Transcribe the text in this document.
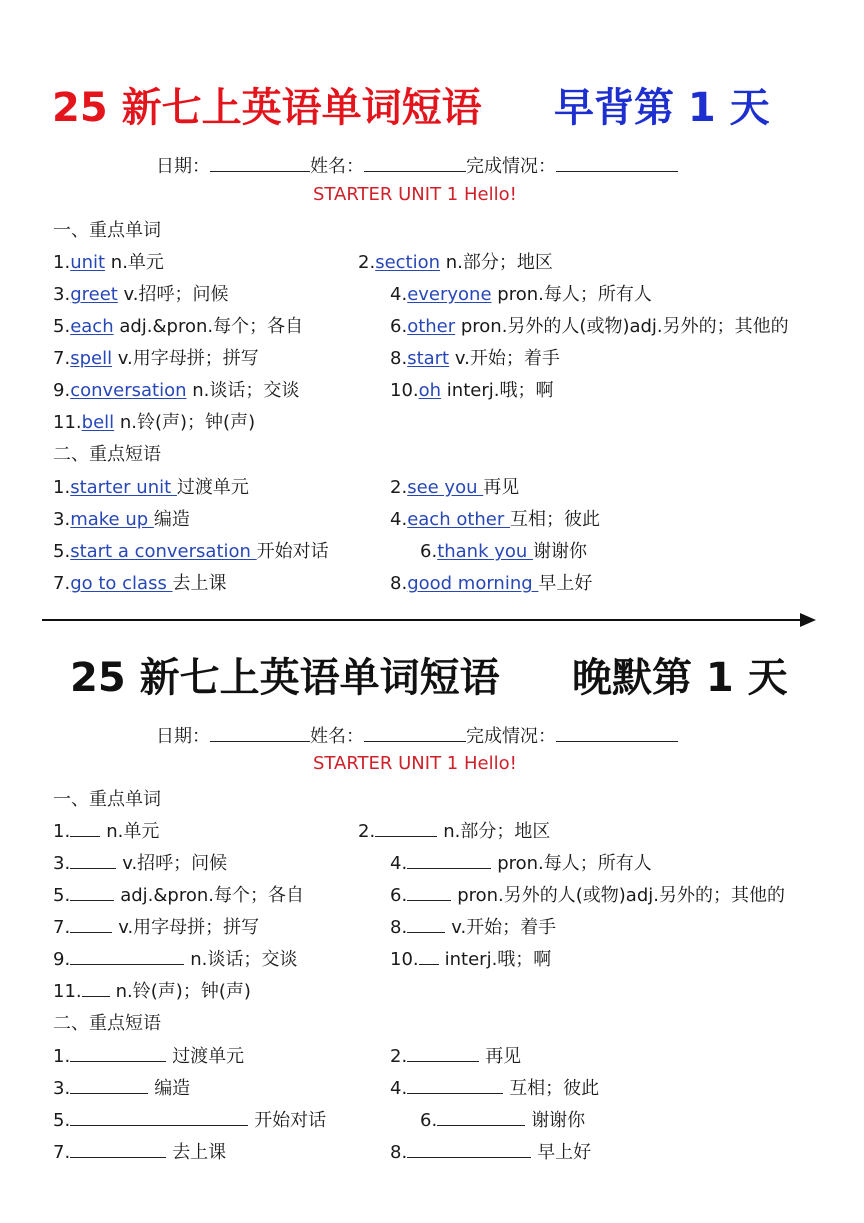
25 新七上英语单词短语 早背第 1 天
日期：	姓名：	完成情况：
STARTER UNIT 1 Hello!
一、重点单词
1.unit n.单元	2.section n.部分；地区
3.greet v.招呼；问候	4.everyone pron.每人；所有人
5.each adj.&pron.每个；各自	6.other pron.另外的人(或物)adj.另外的；其他的
7.spell v.用字母拼；拼写	8.start v.开始；着手
9.conversation n.谈话；交谈	10.oh interj.哦；啊
11.bell n.铃(声)；钟(声)
二、重点短语
1.starter unit 过渡单元	2.see you 再见
3.make up 编造	4.each other 互相；彼此
5.start a conversation 开始对话	6.thank you 谢谢你
7.go to class 去上课	8.good morning 早上好
25 新七上英语单词短语 晚默第 1 天
日期：	姓名：	完成情况：
STARTER UNIT 1 Hello!
一、重点单词
1. n.单元	2.	n.部分；地区
3.	v.招呼；问候	4.	pron.每人；所有人
5.	adj.&pron.每个；各自	6.	pron.另外的人(或物)adj.另外的；其他的
7.	v.用字母拼；拼写	8. v.开始；着手
9.	n.谈话；交谈	10. interj.哦；啊
11. n.铃(声)；钟(声)
二、重点短语
1.	过渡单元	2.	再见
3.	编造	4.	互相；彼此
5.	开始对话	6.	谢谢你
7.	去上课	8.	早上好
